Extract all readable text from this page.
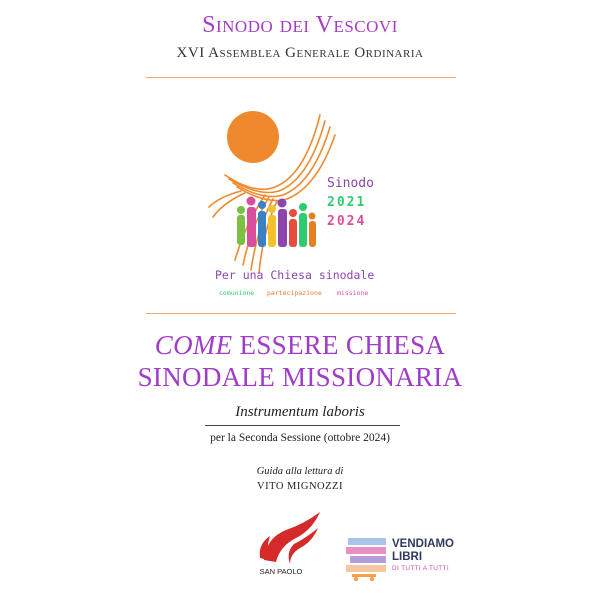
Sinodo dei Vescovi
XVI Assemblea Generale Ordinaria
Sinodo
2021
2024
Per una Chiesa sinodale
comunione partecipazione missione
COME ESSERE CHIESA
SINODALE MISSIONARIA
Instrumentum laboris
per la Seconda Sessione (ottobre 2024)
Guida alla lettura di
VITO MIGNOZZI
SAN PAOLO
VENDIAMO
LIBRI
DI TUTTI A TUTTI
